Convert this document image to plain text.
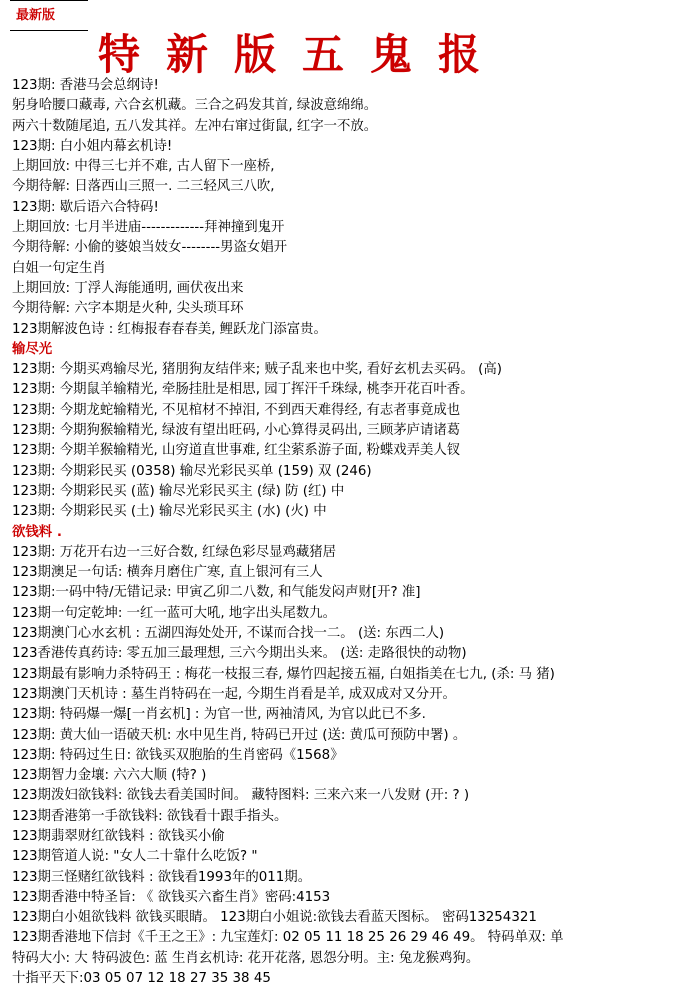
最新版
特新版五鬼报
123期: 香港马会总纲诗!
躬身哈腰口藏毒, 六合玄机藏。三合之码发其首, 绿波意绵绵。
两六十数随尾追, 五八发其祥。左冲右窜过街鼠, 红字一不放。
123期: 白小姐内幕玄机诗!
上期回放: 中得三七并不难, 古人留下一座桥,
今期待解: 日落西山三照一. 二三轻风三八吹,
123期: 歇后语六合特码!
上期回放: 七月半进庙-------------拜神撞到鬼开
今期待解: 小偷的婆娘当妓女--------男盗女娼开
白姐一句定生肖
上期回放: 丁浮人海能通明, 画伏夜出来
今期待解: 六字本期是火种, 尖头琐耳环
123期解波色诗 : 红梅报春春春美, 鲤跃龙门添富贵。
输尽光
123期: 今期买鸡输尽光, 猪朋狗友结伴来; 贼子乱来也中奖, 看好玄机去买码。 (高)
123期: 今期鼠羊输精光, 牵肠挂肚是相思, 园丁挥汗千珠绿, 桃李开花百叶香。
123期: 今期龙蛇输精光, 不见棺材不掉泪, 不到西天难得经, 有志者事竟成也
123期: 今期狗猴输精光, 绿波有望出旺码, 小心算得灵码出, 三顾茅庐请诸葛
123期: 今期羊猴输精光, 山穷道直世事难, 红尘萦系游子面, 粉蝶戏弄美人钗
123期: 今期彩民买 (0358) 输尽光彩民买单 (159) 双 (246)
123期: 今期彩民买 (蓝) 输尽光彩民买主 (绿) 防 (红) 中
123期: 今期彩民买 (土) 输尽光彩民买主 (水) (火) 中
欲钱料 .
123期: 万花开右边一三好合数, 红绿色彩尽显鸡藏猪居
123期澳足一句话: 横奔月磨住广寒, 直上银河有三人
123期:一码中特/无错记录: 甲寅乙卯二八数, 和气能发闷声财[开? 准]
123期一句定乾坤: 一红一蓝可大吼, 地字出头尾数九。
123期澳门心水玄机 : 五湖四海处处开, 不谋而合找一二。 (送: 东西二人)
123香港传真药诗: 零五加三最理想, 三六今期出头来。 (送: 走路很快的动物)
123期最有影响力杀特码王 : 梅花一枝报三春, 爆竹四起接五福, 白姐指美在七九, (杀: 马 猪)
123期澳门天机诗 : 墓生肖特码在一起, 今期生肖看是羊, 成双成对又分开。
123期: 特码爆一爆[一肖玄机] : 为官一世, 两袖清风, 为官以此已不多.
123期: 黄大仙一语破天机: 水中见生肖, 特码已开过 (送: 黄瓜可预防中署) 。
123期: 特码过生日: 欲钱买双胞胎的生肖密码《1568》
123期智力金壤: 六六大顺 (特? )
123期泼妇欲钱料: 欲钱去看美国时间。 藏特图料: 三来六来一八发财 (开: ? )
123期香港第一手欲钱料: 欲钱看十跟手指头。
123期翡翠财红欲钱料 : 欲钱买小偷
123期管道人说: "女人二十靠什么吃饭? "
123期三怪赌红欲钱料 : 欲钱看1993年的011期。
123期香港中特圣旨: 《 欲钱买六畜生肖》密码:4153
123期白小姐欲钱料 欲钱买眼睛。 123期白小姐说:欲钱去看蓝天图标。 密码13254321
123期香港地下信封《千王之王》: 九宝莲灯: 02 05 11 18 25 26 29 46 49。 特码单双: 单
特码大小: 大 特码波色: 蓝 生肖玄机诗: 花开花落, 恩怨分明。主: 兔龙猴鸡狗。
十指平天下:03 05 07 12 18 27 35 38 45
